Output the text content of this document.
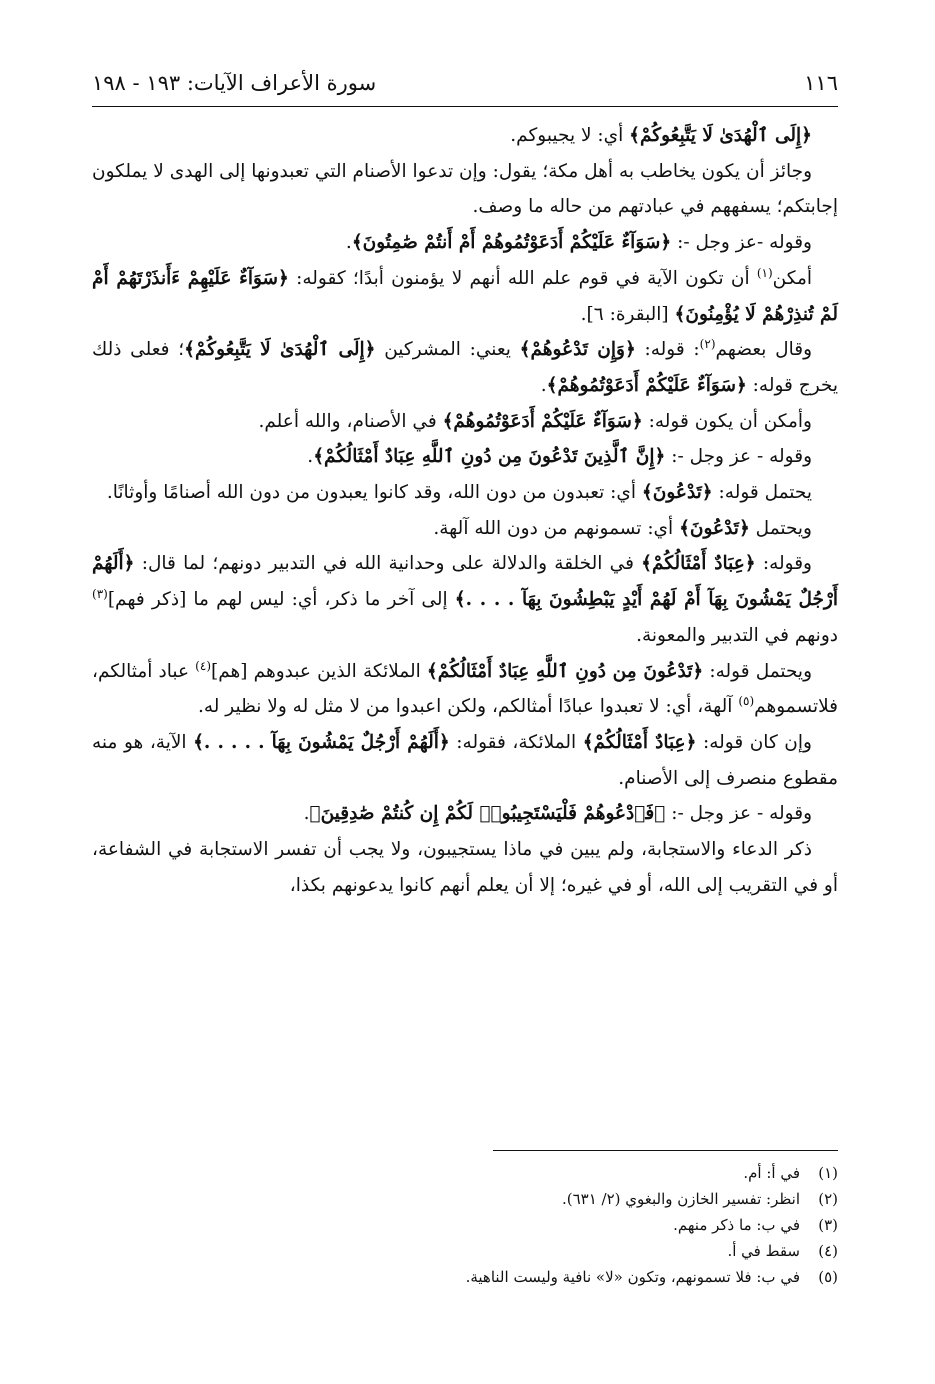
١١٦
سورة الأعراف الآيات: ١٩٣ - ١٩٨

﴿إِلَى ٱلْهُدَىٰ لَا يَتَّبِعُوكُمْ﴾ أي: لا يجيبوكم.

وجائز أن يكون يخاطب به أهل مكة؛ يقول: وإن تدعوا الأصنام التي تعبدونها إلى الهدى لا يملكون إجابتكم؛ يسفههم في عبادتهم من حاله ما وصف.

وقوله -عز وجل -: ﴿سَوَآءٌ عَلَيْكُمْ أَدَعَوْتُمُوهُمْ أَمْ أَنتُمْ صَٰمِتُونَ﴾.

أمكن$^{(١)}$ أن تكون الآية في قوم علم الله أنهم لا يؤمنون أبدًا؛ كقوله: ﴿سَوَآءٌ عَلَيْهِمْ ءَأَنذَرْتَهُمْ أَمْ لَمْ تُنذِرْهُمْ لَا يُؤْمِنُونَ﴾ [البقرة: ٦].

وقال بعضهم$^{(٢)}$: قوله: ﴿وَإِن تَدْعُوهُمْ﴾ يعني: المشركين ﴿إِلَى ٱلْهُدَىٰ لَا يَتَّبِعُوكُمْ﴾؛ فعلى ذلك يخرج قوله: ﴿سَوَآءٌ عَلَيْكُمْ أَدَعَوْتُمُوهُمْ﴾.

وأمكن أن يكون قوله: ﴿سَوَآءٌ عَلَيْكُمْ أَدَعَوْتُمُوهُمْ﴾ في الأصنام، والله أعلم.

وقوله - عز وجل -: ﴿إِنَّ ٱلَّذِينَ تَدْعُونَ مِن دُونِ ٱللَّهِ عِبَادٌ أَمْثَالُكُمْ﴾.

يحتمل قوله: ﴿تَدْعُونَ﴾ أي: تعبدون من دون الله، وقد كانوا يعبدون من دون الله أصنامًا وأوثانًا.

ويحتمل ﴿تَدْعُونَ﴾ أي: تسمونهم من دون الله آلهة.

وقوله: ﴿عِبَادٌ أَمْثَالُكُمْ﴾ في الخلقة والدلالة على وحدانية الله في التدبير دونهم؛ لما قال: ﴿أَلَهُمْ أَرْجُلٌ يَمْشُونَ بِهَآ أَمْ لَهُمْ أَيْدٍ يَبْطِشُونَ بِهَآ . . . .﴾ إلى آخر ما ذكر، أي: ليس لهم ما [ذكر فهم]$^{(٣)}$ دونهم في التدبير والمعونة.

ويحتمل قوله: ﴿تَدْعُونَ مِن دُونِ ٱللَّهِ عِبَادٌ أَمْثَالُكُمْ﴾ الملائكة الذين عبدوهم [هم]$^{(٤)}$ عباد أمثالكم، فلاتسموهم$^{(٥)}$ آلهة، أي: لا تعبدوا عبادًا أمثالكم، ولكن اعبدوا من لا مثل له ولا نظير له.

وإن كان قوله: ﴿عِبَادٌ أَمْثَالُكُمْ﴾ الملائكة، فقوله: ﴿أَلَهُمْ أَرْجُلٌ يَمْشُونَ بِهَآ . . . . .﴾ الآية، هو منه مقطوع منصرف إلى الأصنام.

وقوله - عز وجل -: ﴿فَٱدْعُوهُمْ فَلْيَسْتَجِيبُوا۟ لَكُمْ إِن كُنتُمْ صَٰدِقِينَ﴾.

ذكر الدعاء والاستجابة، ولم يبين في ماذا يستجيبون، ولا يجب أن تفسر الاستجابة في الشفاعة، أو في التقريب إلى الله، أو في غيره؛ إلا أن يعلم أنهم كانوا يدعونهم بكذا،

(١)
في أ: أم.
(٢)
انظر: تفسير الخازن والبغوي (٢/ ٦٣١).
(٣)
في ب: ما ذكر منهم.
(٤)
سقط في أ.
(٥)
في ب: فلا تسمونهم، وتكون «لا» نافية وليست الناهية.
